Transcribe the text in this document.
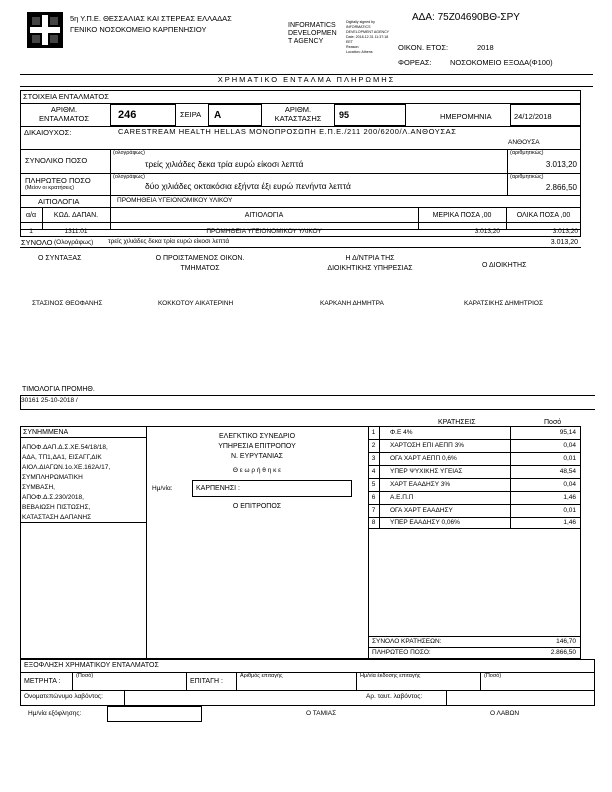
5η Υ.Π.Ε. ΘΕΣΣΑΛΙΑΣ ΚΑΙ ΣΤΕΡΕΑΣ ΕΛΛΑΔΑΣ
ΓΕΝΙΚΟ ΝΟΣΟΚΟΜΕΙΟ ΚΑΡΠΕΝΗΣΙΟΥ	INFORMATICS
DEVELOPMEN
T AGENCY
Digitally signed by
INFORMATICS
DEVELOPMENT AGENCY
Date: 2018.12.31 11:37:18
EET
Reason:
Location: Athens
ΑΔΑ: 75Ζ04690ΒΘ-ΣΡΥ
ΟΙΚΟΝ. ΕΤΟΣ:	2018
ΦΟΡΕΑΣ: ΝΟΣΟΚΟΜΕΙΟ ΕΞΟΔΑ(Φ100)
ΧΡΗΜΑΤΙΚΟ ΕΝΤΑΛΜΑ ΠΛΗΡΩΜΗΣ
ΣΤΟΙΧΕΙΑ ΕΝΤΑΛΜΑΤΟΣ
ΑΡΙΘΜ.
ΕΝΤΑΛΜΑΤΟΣ	246	ΣΕΙΡΑ Α
ΑΡΙΘΜ.
ΚΑΤΑΣΤΑΣΗΣ	95	ΗΜΕΡΟΜΗΝΙΑ	24/12/2018
ΔΙΚΑΙΟΥΧΟΣ:	CARESTREAM HEALTH HELLAS ΜΟΝΟΠΡΟΣΩΠΗ Ε.Π.Ε./211 200/6200/Λ.ΑΝΘΟΥΣΑΣ
ΑΝΘΟΥΣΑ
ΣΥΝΟΛΙΚΟ ΠΟΣΟ
(ολογράφως)
τρείς χιλιάδες δεκα τρία ευρώ είκοσι λεπτά
(αριθμητικώς)
3.013,20
ΠΛΗΡΩΤΕΟ ΠΟΣΟ
(Μείον οι κρατήσεις)
(ολογράφως)
δύο χιλιάδες οκτακόσια εξήντα έξι ευρώ πενήντα λεπτά
(αριθμητικώς)
2.866,50
ΑΙΤΙΟΛΟΓΙΑ	ΠΡΟΜΗΘΕΙΑ ΥΓΕΙΟΝΟΜΙΚΟΥ ΥΛΙΚΟΥ
α/α	ΚΩΔ. ΔΑΠΑΝ.	ΑΙΤΙΟΛΟΓΙΑ	ΜΕΡΙΚΑ ΠΟΣΑ ,00	ΟΛΙΚΑ ΠΟΣΑ ,00
1	1311.01	ΠΡΟΜΗΘΕΙΑ ΥΓΕΙΟΝΟΜΙΚΟΥ ΥΛΙΚΟΥ	3.013,20	3.013,20
ΣΥΝΟΛΟ (Ολογράφως) τρείς χιλιάδες δεκα τρία ευρώ είκοσι λεπτά	3.013,20
Ο ΣΥΝΤΑΞΑΣ	Ο ΠΡΟΙΣΤΑΜΕΝΟΣ ΟΙΚΟΝ.
ΤΜΗΜΑΤΟΣ
Η Δ/ΝΤΡΙΑ ΤΗΣ
ΔΙΟΙΚΗΤΙΚΗΣ ΥΠΗΡΕΣΙΑΣ	Ο ΔΙΟΙΚΗΤΗΣ
ΣΤΑΣΙΝΟΣ ΘΕΟΦΑΝΗΣ	ΚΟΚΚΟΤΟΥ ΑΙΚΑΤΕΡΙΝΗ	ΚΑΡΚΑΝΗ ΔΗΜΗΤΡΑ	ΚΑΡΑΤΣΙΚΗΣ ΔΗΜΗΤΡΙΟΣ
ΤΙΜΟΛΟΓΙΑ ΠΡΟΜΗΘ.
30161 25-10-2018 /
ΚΡΑΤΗΣΕΙΣ	Ποσό
ΣΥΝΗΜΜΕΝΑ
ΑΠΟΦ.ΔΑΠ.Δ.Σ.ΧΕ.54/18/18,
ΑΔΑ, ΤΠ1,ΔΑ1, ΕΙΣΑΓΓ,ΔΙΚ
ΑΙΟΛ.ΔΙΑΓΩΝ.1ο.ΧΕ.162Α/17,
ΣΥΜΠΛΗΡΩΜΑΤΙΚΗ
ΣΥΜΒΑΣΗ,
ΑΠΟΦ.Δ.Σ.230/2018,
ΒΕΒΑΙΩΣΗ ΠΙΣΤΩΣΗΣ,
ΚΑΤΑΣΤΑΣΗ ΔΑΠΑΝΗΣ
ΕΛΕΓΚΤΙΚΟ ΣΥΝΕΔΡΙΟ
ΥΠΗΡΕΣΙΑ ΕΠΙΤΡΟΠΟΥ
Ν. ΕΥΡΥΤΑΝΙΑΣ
Θ ε ω ρ ή θ η κ ε
Ημ/νία:	ΚΑΡΠΕΝΗΣΙ :
Ο ΕΠΙΤΡΟΠΟΣ
1	Φ.Ε 4%	95,14
2	ΧΑΡΤΟΣΗ ΕΠΙ ΑΕΠΠ 3%	0,04
3	ΟΓΑ ΧΑΡΤ ΑΕΠΠ 0,6%	0,01
4	ΥΠΕΡ ΨΥΧΙΚΗΣ ΥΓΕΙΑΣ	48,54
5	ΧΑΡΤ ΕΑΑΔΗΣΥ 3%	0,04
6	Α.Ε.Π.Π	1,46
7	ΟΓΑ ΧΑΡΤ ΕΑΑΔΗΣΥ	0,01
8	ΥΠΕΡ ΕΑΑΔΗΣΥ 0,06%	1,46
ΣΥΝΟΛΟ ΚΡΑΤΗΣΕΩΝ:	146,70
ΠΛΗΡΩΤΕΟ ΠΟΣΟ:	2.866,50
ΕΞΟΦΛΗΣΗ ΧΡΗΜΑΤΙΚΟΥ ΕΝΤΑΛΜΑΤΟΣ
ΜΕΤΡΗΤΑ :
(Ποσό)
ΕΠΙΤΑΓΗ :
Αριθμός επιταγής	Ημ/νία έκδοσης επιταγής	(Ποσό)
Ονοματεπώνυμο λαβόντος:	Αρ. ταυτ. λαβόντος:
Ημ/νία εξόφλησης:	Ο ΤΑΜΙΑΣ	Ο ΛΑΒΩΝ
